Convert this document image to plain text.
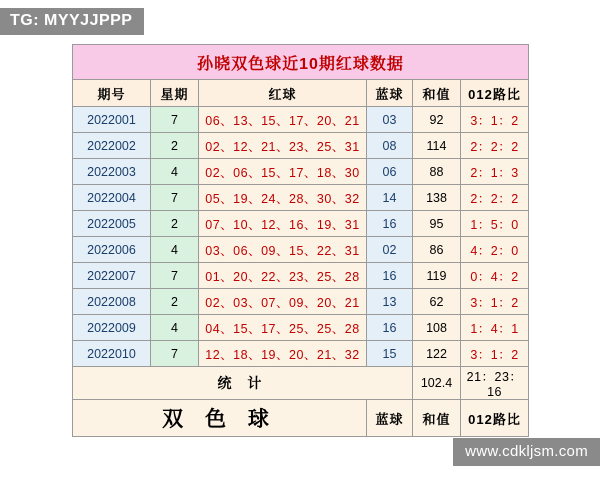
TG: MYYJJPPP
孙晓双色球近10期红球数据					
期号	星期	红球	蓝球	和值	012路比
2022001	7	06、13、15、17、20、21	03	92	3：1：2
2022002	2	02、12、21、23、25、31	08	114	2：2：2
2022003	4	02、06、15、17、18、30	06	88	2：1：3
2022004	7	05、19、24、28、30、32	14	138	2：2：2
2022005	2	07、10、12、16、19、31	16	95	1：5：0
2022006	4	03、06、09、15、22、31	02	86	4：2：0
2022007	7	01、20、22、23、25、28	16	119	0：4：2
2022008	2	02、03、07、09、20、21	13	62	3：1：2
2022009	4	04、15、17、25、25、28	16	108	1：4：1
2022010	7	12、18、19、20、21、32	15	122	3：1：2
统 计				102.4	21：23：16
双 色 球			蓝球	和值	012路比
www.cdkljsm.com
